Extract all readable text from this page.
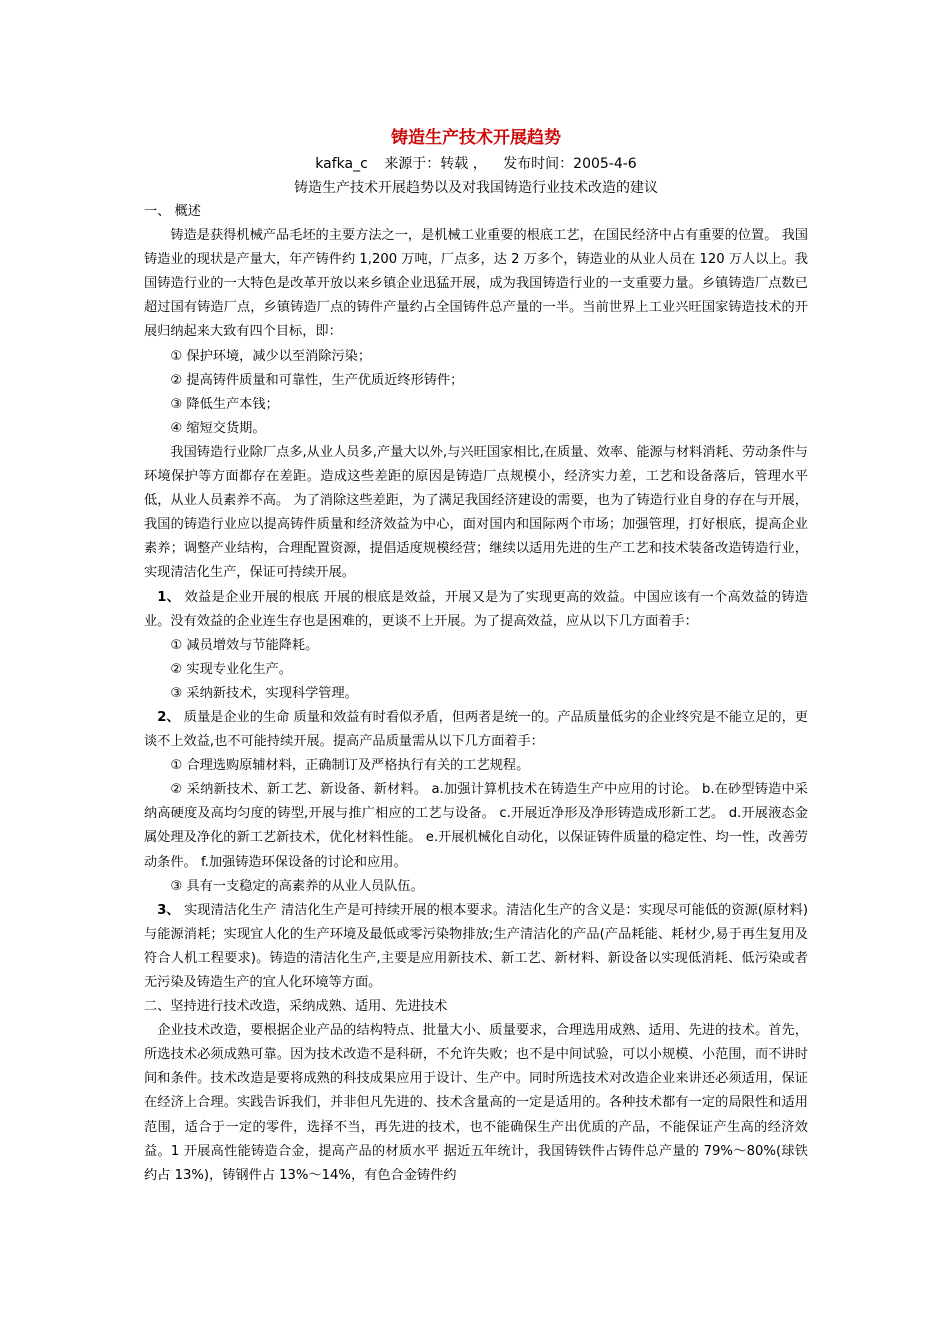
铸造生产技术开展趋势
kafka_c 来源于：转载 ， 发布时间：2005-4-6
铸造生产技术开展趋势以及对我国铸造行业技术改造的建议

一、 概述

铸造是获得机械产品毛坯的主要方法之一，是机械工业重要的根底工艺，在国民经济中占有重要的位置。 我国铸造业的现状是产量大，年产铸件约 1,200 万吨，厂点多，达 2 万多个，铸造业的从业人员在 120 万人以上。我国铸造行业的一大特色是改革开放以来乡镇企业迅猛开展，成为我国铸造行业的一支重要力量。乡镇铸造厂点数已超过国有铸造厂点，乡镇铸造厂点的铸件产量约占全国铸件总产量的一半。当前世界上工业兴旺国家铸造技术的开展归纳起来大致有四个目标，即：

① 保护环境，减少以至消除污染；

② 提高铸件质量和可靠性，生产优质近终形铸件；

③ 降低生产本钱；

④ 缩短交货期。

我国铸造行业除厂点多,从业人员多,产量大以外,与兴旺国家相比,在质量、效率、能源与材料消耗、劳动条件与环境保护等方面都存在差距。造成这些差距的原因是铸造厂点规模小，经济实力差，工艺和设备落后，管理水平低，从业人员素养不高。 为了消除这些差距，为了满足我国经济建设的需要，也为了铸造行业自身的存在与开展，我国的铸造行业应以提高铸件质量和经济效益为中心，面对国内和国际两个市场；加强管理，打好根底，提高企业素养；调整产业结构，合理配置资源，提倡适度规模经营；继续以适用先进的生产工艺和技术装备改造铸造行业，实现清洁化生产，保证可持续开展。

1、 效益是企业开展的根底 开展的根底是效益，开展又是为了实现更高的效益。中国应该有一个高效益的铸造业。没有效益的企业连生存也是困难的，更谈不上开展。为了提高效益，应从以下几方面着手：

① 减员增效与节能降耗。

② 实现专业化生产。

③ 采纳新技术，实现科学管理。

2、 质量是企业的生命 质量和效益有时看似矛盾，但两者是统一的。产品质量低劣的企业终究是不能立足的，更谈不上效益,也不可能持续开展。提高产品质量需从以下几方面着手：

① 合理选购原辅材料，正确制订及严格执行有关的工艺规程。

② 采纳新技术、新工艺、新设备、新材料。 a.加强计算机技术在铸造生产中应用的讨论。 b.在砂型铸造中采纳高硬度及高均匀度的铸型,开展与推广相应的工艺与设备。 c.开展近净形及净形铸造成形新工艺。 d.开展液态金属处理及净化的新工艺新技术，优化材料性能。 e.开展机械化自动化，以保证铸件质量的稳定性、均一性，改善劳动条件。 f.加强铸造环保设备的讨论和应用。

③ 具有一支稳定的高素养的从业人员队伍。

3、 实现清洁化生产 清洁化生产是可持续开展的根本要求。清洁化生产的含义是：实现尽可能低的资源(原材料)与能源消耗；实现宜人化的生产环境及最低或零污染物排放;生产清洁化的产品(产品耗能、耗材少,易于再生复用及符合人机工程要求)。铸造的清洁化生产,主要是应用新技术、新工艺、新材料、新设备以实现低消耗、低污染或者无污染及铸造生产的宜人化环境等方面。

二、坚持进行技术改造，采纳成熟、适用、先进技术

企业技术改造，要根据企业产品的结构特点、批量大小、质量要求，合理选用成熟、适用、先进的技术。首先，所选技术必须成熟可靠。因为技术改造不是科研，不允许失败；也不是中间试验，可以小规模、小范围，而不讲时间和条件。技术改造是要将成熟的科技成果应用于设计、生产中。同时所选技术对改造企业来讲还必须适用，保证在经济上合理。实践告诉我们，并非但凡先进的、技术含量高的一定是适用的。各种技术都有一定的局限性和适用范围，适合于一定的零件，选择不当，再先进的技术，也不能确保生产出优质的产品，不能保证产生高的经济效益。1 开展高性能铸造合金，提高产品的材质水平 据近五年统计，我国铸铁件占铸件总产量的 79%～80%(球铁约占 13%)，铸钢件占 13%～14%，有色合金铸件约
